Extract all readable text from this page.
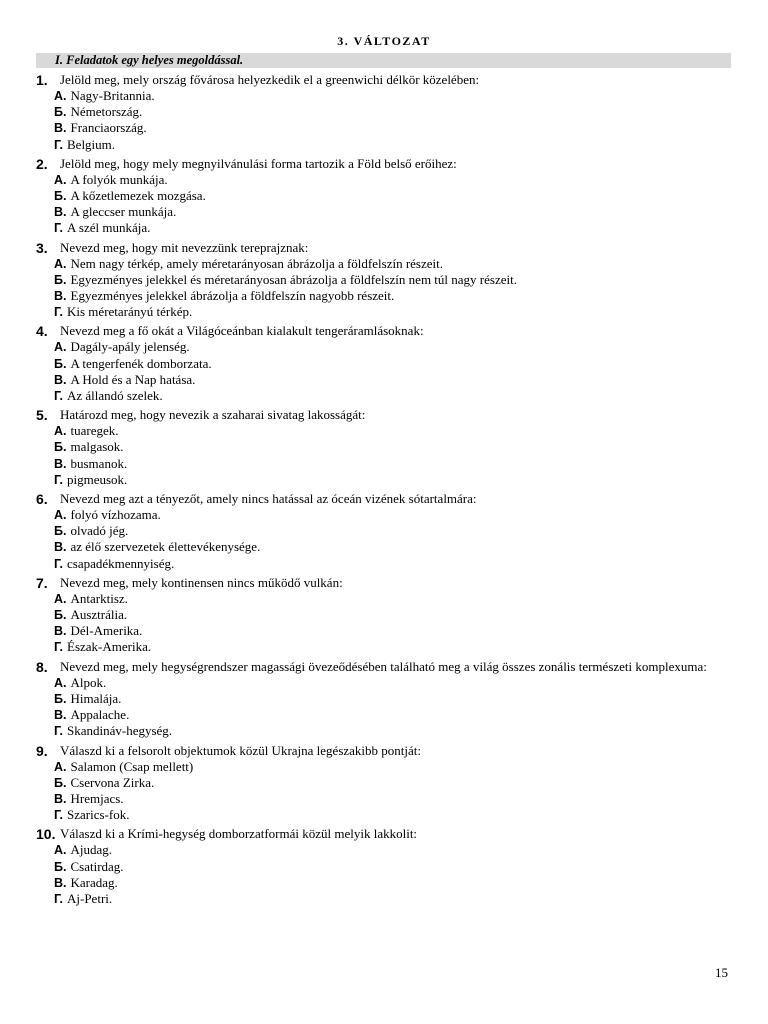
3. VÁLTOZAT
I. Feladatok egy helyes megoldással.
1. Jelöld meg, mely ország fővárosa helyezkedik el a greenwichi délkör közelében:
А. Nagy-Britannia.
Б. Németország.
В. Franciaország.
Г. Belgium.
2. Jelöld meg, hogy mely megnyilvánulási forma tartozik a Föld belső erőihez:
А. A folyók munkája.
Б. A kőzetlemezek mozgása.
В. A gleccser munkája.
Г. A szél munkája.
3. Nevezd meg, hogy mit nevezzünk tereprajznak:
А. Nem nagy térkép, amely méretarányosan ábrázolja a földfelszín részeit.
Б. Egyezményes jelekkel és méretarányosan ábrázolja a földfelszín nem túl nagy részeit.
В. Egyezményes jelekkel ábrázolja a földfelszín nagyobb részeit.
Г. Kis méretarányú térkép.
4. Nevezd meg a fő okát a Világóceánban kialakult tengeráramlásoknak:
А. Dagály-apály jelenség.
Б. A tengerfenék domborzata.
В. A Hold és a Nap hatása.
Г. Az állandó szelek.
5. Határozd meg, hogy nevezik a szaharai sivatag lakosságát:
А. tuaregek.
Б. malgasok.
В. busmanok.
Г. pigmeusok.
6. Nevezd meg azt a tényezőt, amely nincs hatással az óceán vizének sótartalmára:
А. folyó vízhozama.
Б. olvadó jég.
В. az élő szervezetek élettevékenysége.
Г. csapadékmennyiség.
7. Nevezd meg, mely kontinensen nincs működő vulkán:
А. Antarktisz.
Б. Ausztrália.
В. Dél-Amerika.
Г. Észak-Amerika.
8. Nevezd meg, mely hegységrendszer magassági övezeődésében található meg a világ összes zonális természeti komplexuma:
А. Alpok.
Б. Himalája.
В. Appalache.
Г. Skandináv-hegység.
9. Válaszd ki a felsorolt objektumok közül Ukrajna legészakibb pontját:
А. Salamon (Csap mellett)
Б. Cservona Zirka.
В. Hremjacs.
Г. Szarics-fok.
10. Válaszd ki a Krími-hegység domborzatformái közül melyik lakkolit:
А. Ajudag.
Б. Csatirdag.
В. Karadag.
Г. Aj-Petri.
15
